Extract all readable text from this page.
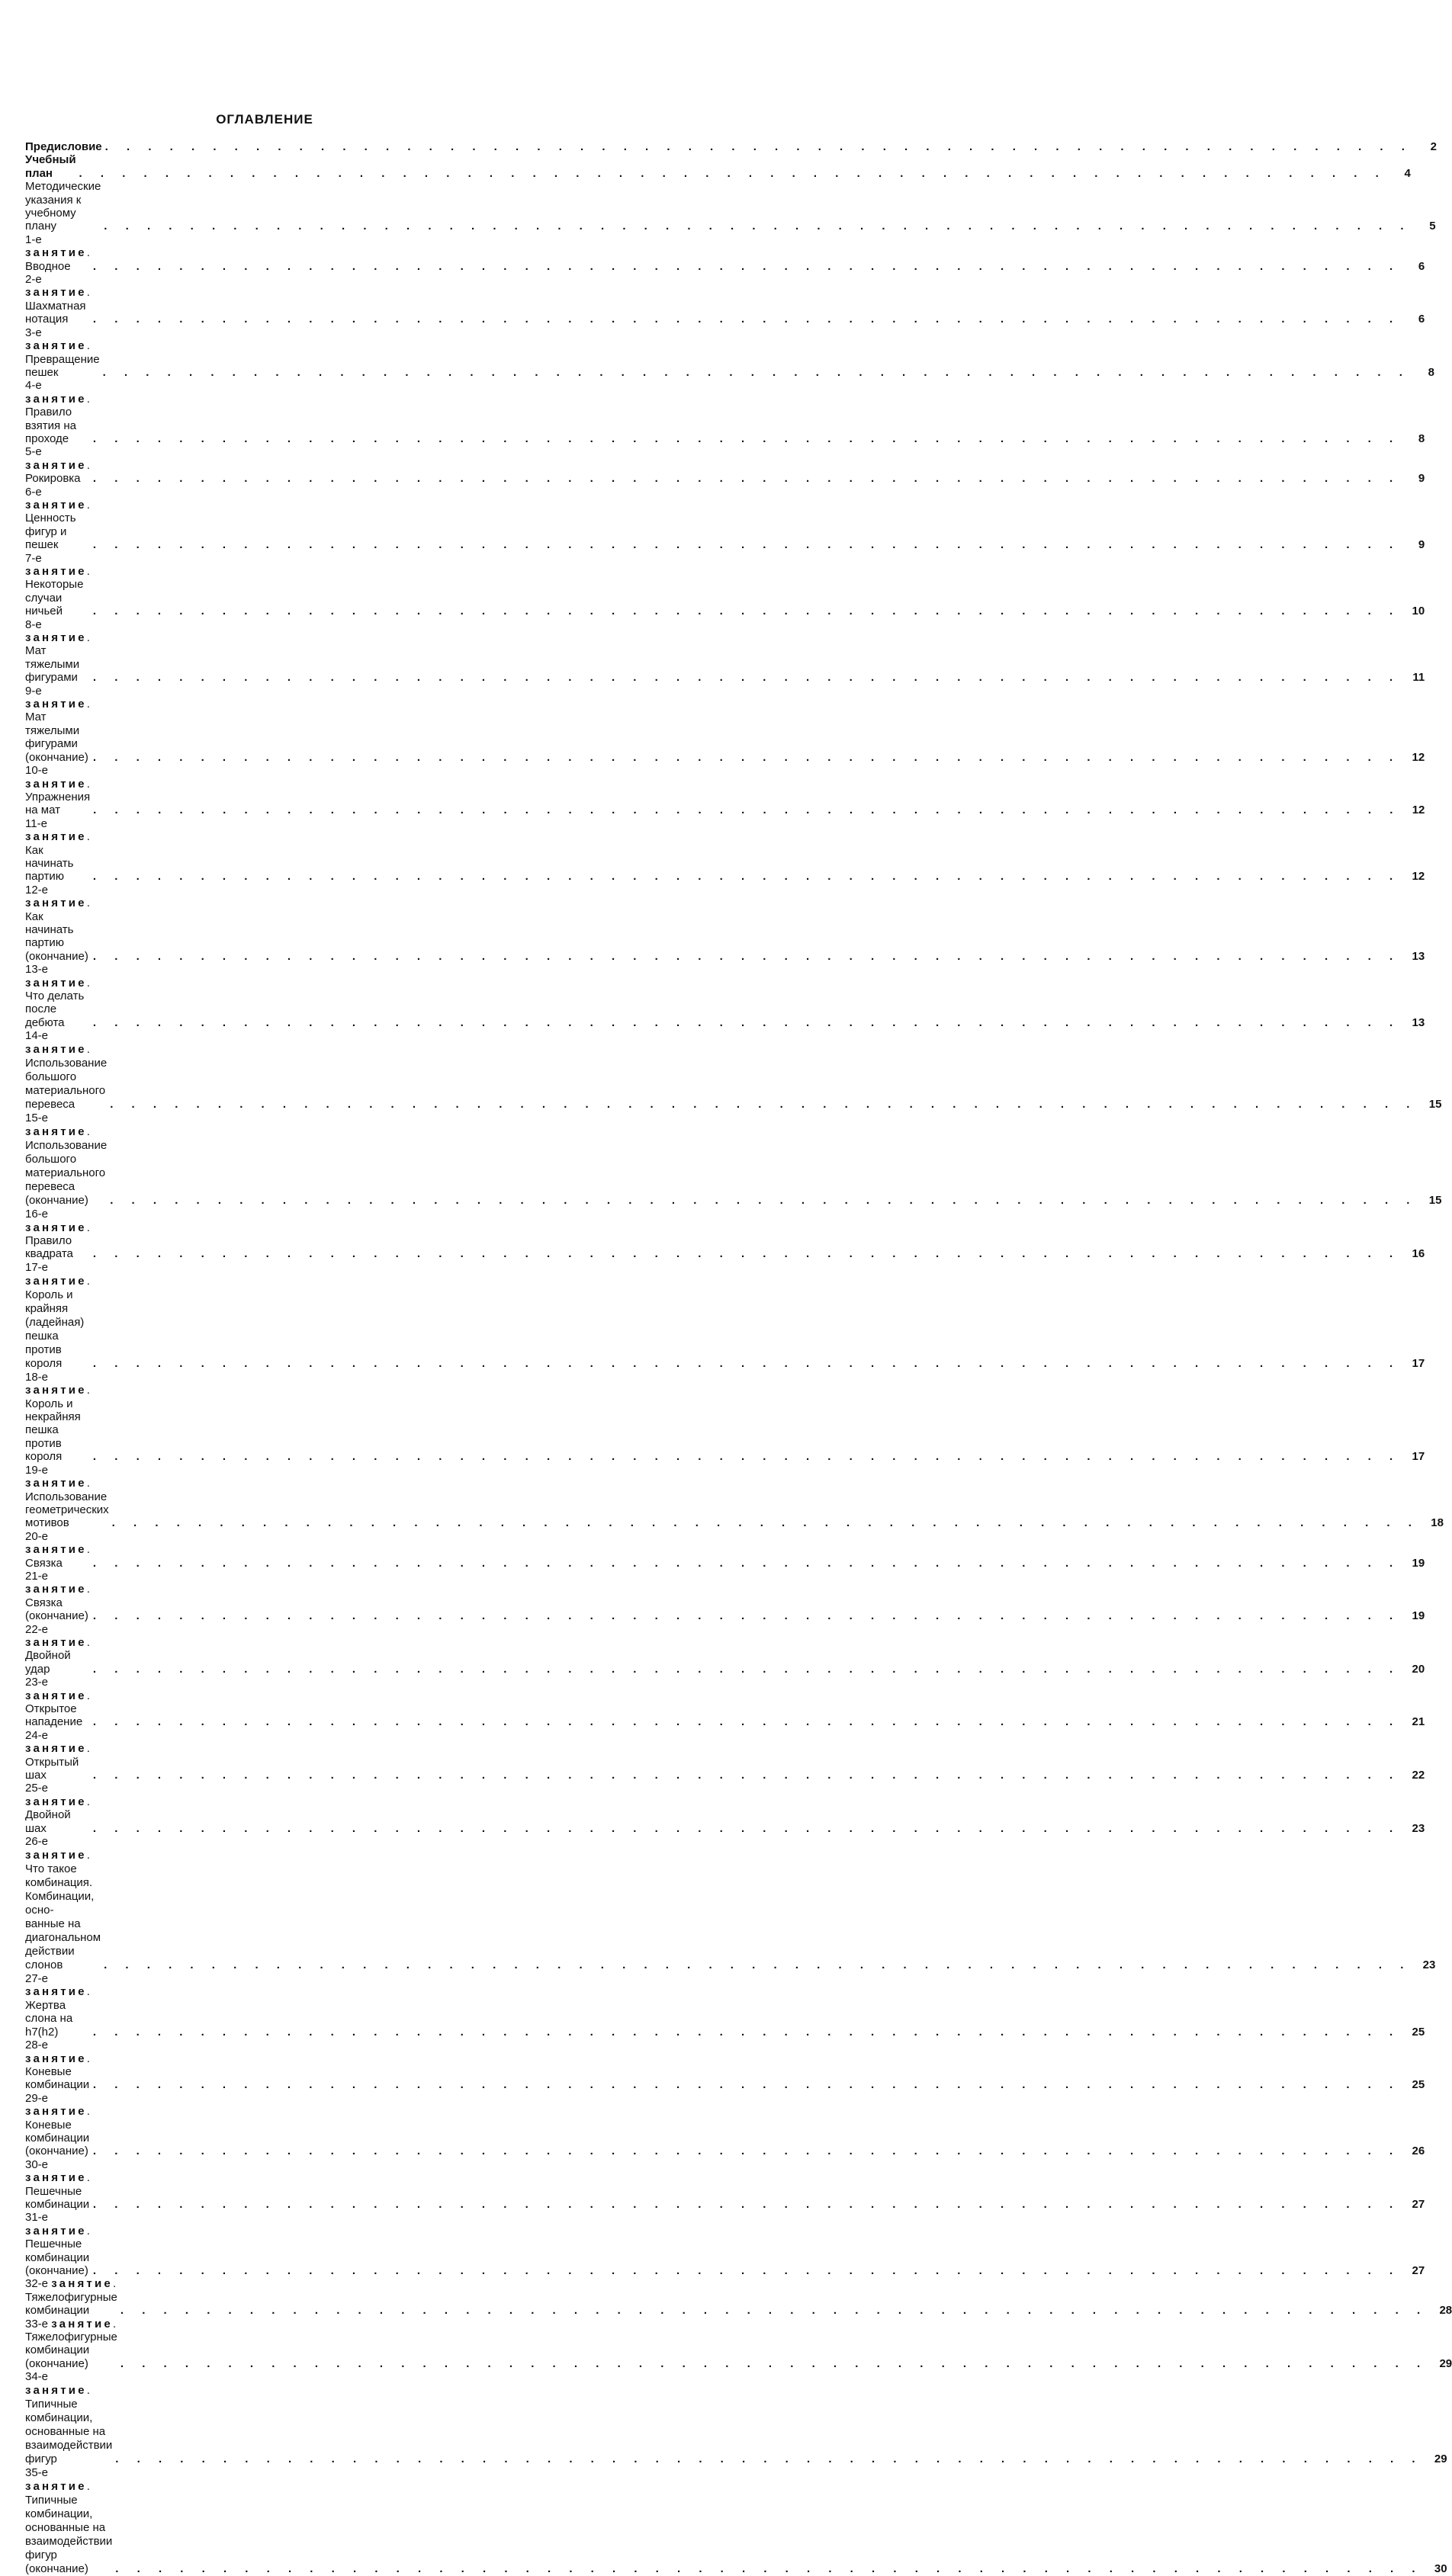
ОГЛАВЛЕНИЕ
Предисловие . . .	2
Учебный план . . .	4
Методические указания к учебному плану . . .	5
1-е занятие. Вводное . . .	6
2-е занятие. Шахматная нотация . . .	6
3-е занятие. Превращение пешек . . .	8
4-е занятие. Правило взятия на проходе . . .	8
5-е занятие. Рокировка . . .	9
6-е занятие. Ценность фигур и пешек . . .	9
7-е занятие. Некоторые случаи ничьей . . .	10
8-е занятие. Мат тяжелыми фигурами . . .	11
9-е занятие. Мат тяжелыми фигурами (окончание) . . .	12
10-е занятие. Упражнения на мат . . .	12
11-е занятие. Как начинать партию . . .	12
12-е занятие. Как начинать партию (окончание) . . .	13
13-е занятие. Что делать после дебюта . . .	13
14-е занятие. Использование большого материального
перевеса . . .	15
15-е занятие. Использование большого материального
перевеса (окончание) . . .	15
16-е занятие. Правило квадрата . . .	16
17-е занятие. Король и крайняя (ладейная) пешка против
короля . . .	17
18-е занятие. Король и некрайняя пешка против короля . . .	17
19-е занятие. Использование геометрических мотивов . . .	18
20-е занятие. Связка . . .	19
21-е занятие. Связка (окончание) . . .	19
22-е занятие. Двойной удар . . .	20
23-е занятие. Открытое нападение . . .	21
24-е занятие. Открытый шах . . .	22
25-е занятие. Двойной шах . . .	23
26-е занятие. Что такое комбинация. Комбинации, осно-
ванные на диагональном действии слонов . . .	23
27-е занятие. Жертва слона на h7(h2) . . .	25
28-е занятие. Коневые комбинации . . .	25
29-е занятие. Коневые комбинации (окончание) . . .	26
30-е занятие. Пешечные комбинации . . .	27
31-е занятие. Пешечные комбинации (окончание) . . .	27
32-е занятие. Тяжелофигурные комбинации . . .	28
33-е занятие. Тяжелофигурные комбинации (окончание) . . .	29
34-е занятие. Типичные комбинации, основанные на
взаимодействии фигур . . .	29
35-е занятие. Типичные комбинации, основанные на
взаимодействии фигур (окончание) . . .	30
